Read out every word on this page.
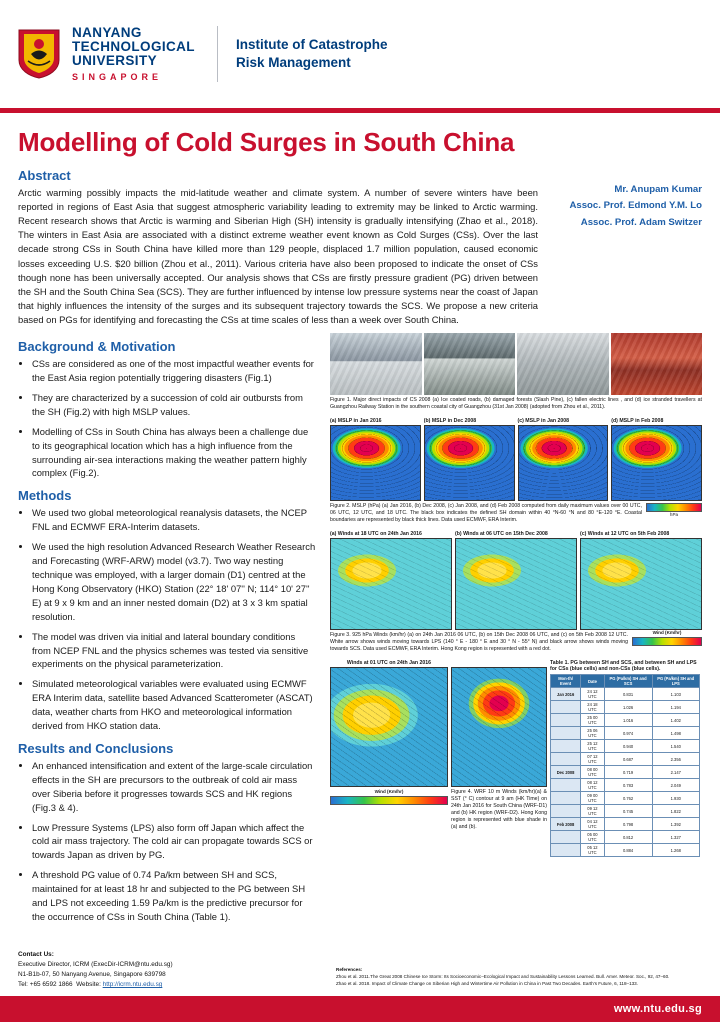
NANYANG
TECHNOLOGICAL
UNIVERSITY
SINGAPORE
Institute of Catastrophe
Risk Management
Modelling of Cold Surges in South China
Abstract
Arctic warming possibly impacts the mid-latitude weather and climate system. A number of severe winters have been reported in regions of East Asia that suggest atmospheric variability leading to extremity may be linked to Arctic warming. Recent research shows that Arctic is warming and Siberian High (SH) intensity is gradually intensifying (Zhao et al., 2018). The winters in East Asia are associated with a distinct extreme weather event known as Cold Surges (CSs). Over the last decade strong CSs in South China have killed more than 129 people, displaced 1.7 million population, caused economic losses exceeding U.S. $20 billion (Zhou et al., 2011). Various criteria have also been proposed to indicate the onset of CSs though none has been universally accepted. Our analysis shows that CSs are firstly pressure gradient (PG) driven between the SH and the South China Sea (SCS). They are further influenced by intense low pressure systems near the coast of Japan that highly influences the intensity of the surges and its subsequent trajectory towards the SCS. We propose a new criteria based on PGs for identifying and forecasting the CSs at time scales of less than a week over South China.
Mr. Anupam Kumar
Assoc. Prof. Edmond Y.M. Lo
Assoc. Prof. Adam Switzer
Background & Motivation
• CSs are considered as one of the most impactful weather events for the East Asia region potentially triggering disasters (Fig.1)
• They are characterized by a succession of cold air outbursts from the SH (Fig.2) with high MSLP values.
• Modelling of CSs in South China has always been a challenge due to its geographical location which has a high influence from the surrounding air-sea interactions making the weather pattern highly complex (Fig.2).
Methods
• We used two global meteorological reanalysis datasets, the NCEP FNL and ECMWF ERA-Interim datasets.
• We used the high resolution Advanced Research Weather Research and Forecasting (WRF-ARW) model (v3.7). Two way nesting technique was employed, with a larger domain (D1) centred at the Hong Kong Observatory (HKO) Station (22° 18' 07'' N; 114° 10' 27'' E) at 9 x 9 km and an inner nested domain (D2) at 3 x 3 km spatial resolution.
• The model was driven via initial and lateral boundary conditions from NCEP FNL and the physics schemes was tested via sensitive experiments on the physical parameterization.
• Simulated meteorological variables were evaluated using ECMWF ERA Interim data, satellite based Advanced Scatterometer (ASCAT) data, weather charts from HKO and meteorological information derived from HKO station data.
Results and Conclusions
• An enhanced intensification and extent of the large-scale circulation effects in the SH are precursors to the outbreak of cold air mass over Siberia before it progresses towards SCS and HK regions (Fig.3 & 4).
• Low Pressure Systems (LPS) also form off Japan which affect the cold air mass trajectory. The cold air can propagate towards SCS or towards Japan as driven by PG.
• A threshold PG value of 0.74 Pa/km between SH and SCS, maintained for at least 18 hr and subjected to the PG between SH and LPS not exceeding 1.59 Pa/km is the predictive precursor for the occurrence of CSs in South China (Table 1).
Figure 1. Major direct impacts of CS 2008 (a) Ice coated roads, (b) damaged forests (Slash Pine), (c) fallen electric lines , and (d) ice stranded travellers at Guangzhou Railway Station in the southern coastal city of Guangzhou (31st Jan 2008) (adopted from Zhou et al., 2011).
(a) MSLP in Jan 2016	(b) MSLP in Dec 2008	(c) MSLP in Jan 2008	(d) MSLP in Feb 2008
Figure 2. MSLP (hPa) (a) Jan 2016, (b) Dec 2008, (c) Jan 2008, and (d) Feb 2008 computed from daily maximum values over 00 UTC, 06 UTC, 12 UTC, and 18 UTC. The black box indicates the defined SH domain within 40 °N-60 °N and 80 °E-120 °E. Coastal boundaries are represented by black thick lines. Data used ECMWF, ERA Interim.
hPa
(a) Winds at 18 UTC on 24th Jan 2016	(b) Winds at 06 UTC on 15th Dec 2008	(c) Winds at 12 UTC on 5th Feb 2008
Figure 3. 925 hPa Winds (km/hr) (a) on 24th Jan 2016 06 UTC, (b) on 15th Dec 2008 06 UTC, and (c) on 5th Feb 2008 12 UTC. White arrow shows winds moving towards LPS (140 ° E - 180 ° E and 30 ° N - 55° N) and black arrow shows winds moving towards SCS. Data used ECMWF, ERA Interim. Hong Kong region is represented with a red dot.
Wind (Km/hr)
Winds at 01 UTC on 24th Jan 2016
Wind (Km/hr)	Figure 4. WRF 10 m Winds (km/hr)(a) & SST (° C) contour at 9 am (HK Time) on 24th Jan 2016 for South China (WRF-D1) and (b) HK region (WRF-D2). Hong Kong region is represented with blue shade in (a) and (b).
Table 1. PG between SH and SCS, and between SH and LPS for CSs (blue cells) and non-CSs (blue cells).
Mon-th/ Event	Date	PG (Pa/km) SH and SCS	PG (Pa/km) SH and LPS
Jan 2016	24 12 UTC	0.831	1.103
	24 18 UTC	1.026	1.194
	25 00 UTC	1.016	1.402
	25 06 UTC	0.974	1.498
	25 12 UTC	0.940	1.540
	07 12 UTC	0.687	2.356
Dec 2008	08 00 UTC	0.719	2.147
	08 12 UTC	0.783	2.049
	09 00 UTC	0.762	1.930
	09 12 UTC	0.745	1.822
Feb 2008	04 12 UTC	0.798	1.392
	05 00 UTC	0.812	1.327
	05 12 UTC	0.884	1.268
References:
Zhou et al. 2011.The Great 2008 Chinese Ice Storm: Its Socioeconomic–Ecological Impact and Sustainability Lessons Learned. Bull. Amer. Meteor. Soc., 92, 47–60.
Zhao et al. 2018. Impact of Climate Change on Siberian High and Wintertime Air Pollution in China in Past Two Decades. Earth's Future, 6, 118–133.
Contact Us:
Executive Director, ICRM (ExecDir-ICRM@ntu.edu.sg)
N1-B1b-07, 50 Nanyang Avenue, Singapore 639798
Tel: +65 6592 1866 Website: http://icrm.ntu.edu.sg
www.ntu.edu.sg
